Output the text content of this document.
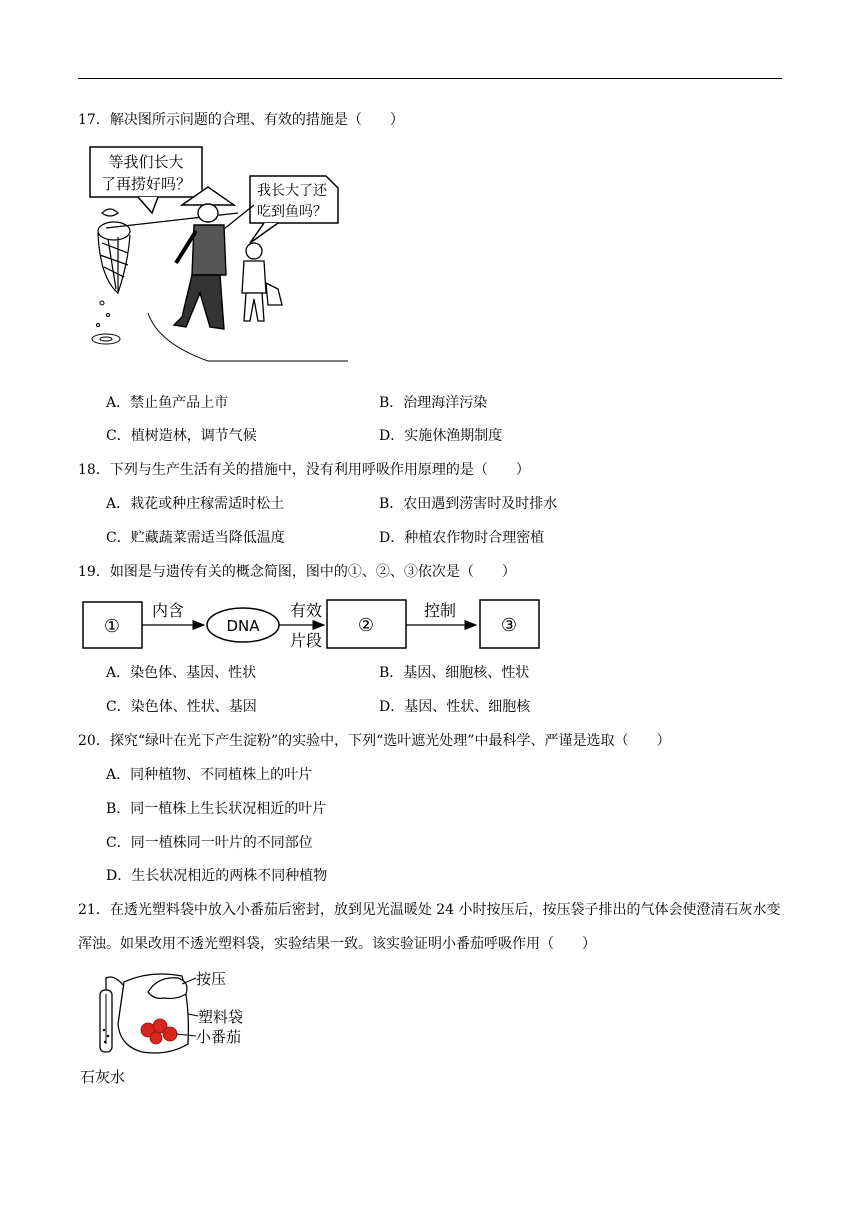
17．解决图所示问题的合理、有效的措施是（　　）
等我们长大
了再捞好吗？	我长大了还
吃到鱼吗？
A．禁止鱼产品上市	B．治理海洋污染
C．植树造林，调节气候	D．实施休渔期制度
18．下列与生产生活有关的措施中，没有利用呼吸作用原理的是（　　）
A．栽花或种庄稼需适时松土	B．农田遇到涝害时及时排水
C．贮藏蔬菜需适当降低温度	D．种植农作物时合理密植
19．如图是与遗传有关的概念简图，图中的①、②、③依次是（　　）
①
内含
DNA
有效
片段
②
控制
③
A．染色体、基因、性状	B．基因、细胞核、性状
C．染色体、性状、基因	D．基因、性状、细胞核
20．探究“绿叶在光下产生淀粉”的实验中，下列“选叶遮光处理”中最科学、严谨是选取（　　）
A．同种植物、不同植株上的叶片
B．同一植株上生长状况相近的叶片
C．同一植株同一叶片的不同部位
D．生长状况相近的两株不同种植物
21．在透光塑料袋中放入小番茄后密封，放到见光温暖处 24 小时按压后，按压袋子排出的气体会使澄清石灰水变浑浊。如果改用不透光塑料袋，实验结果一致。该实验证明小番茄呼吸作用（　　）
按压
塑料袋
小番茄
石灰水
